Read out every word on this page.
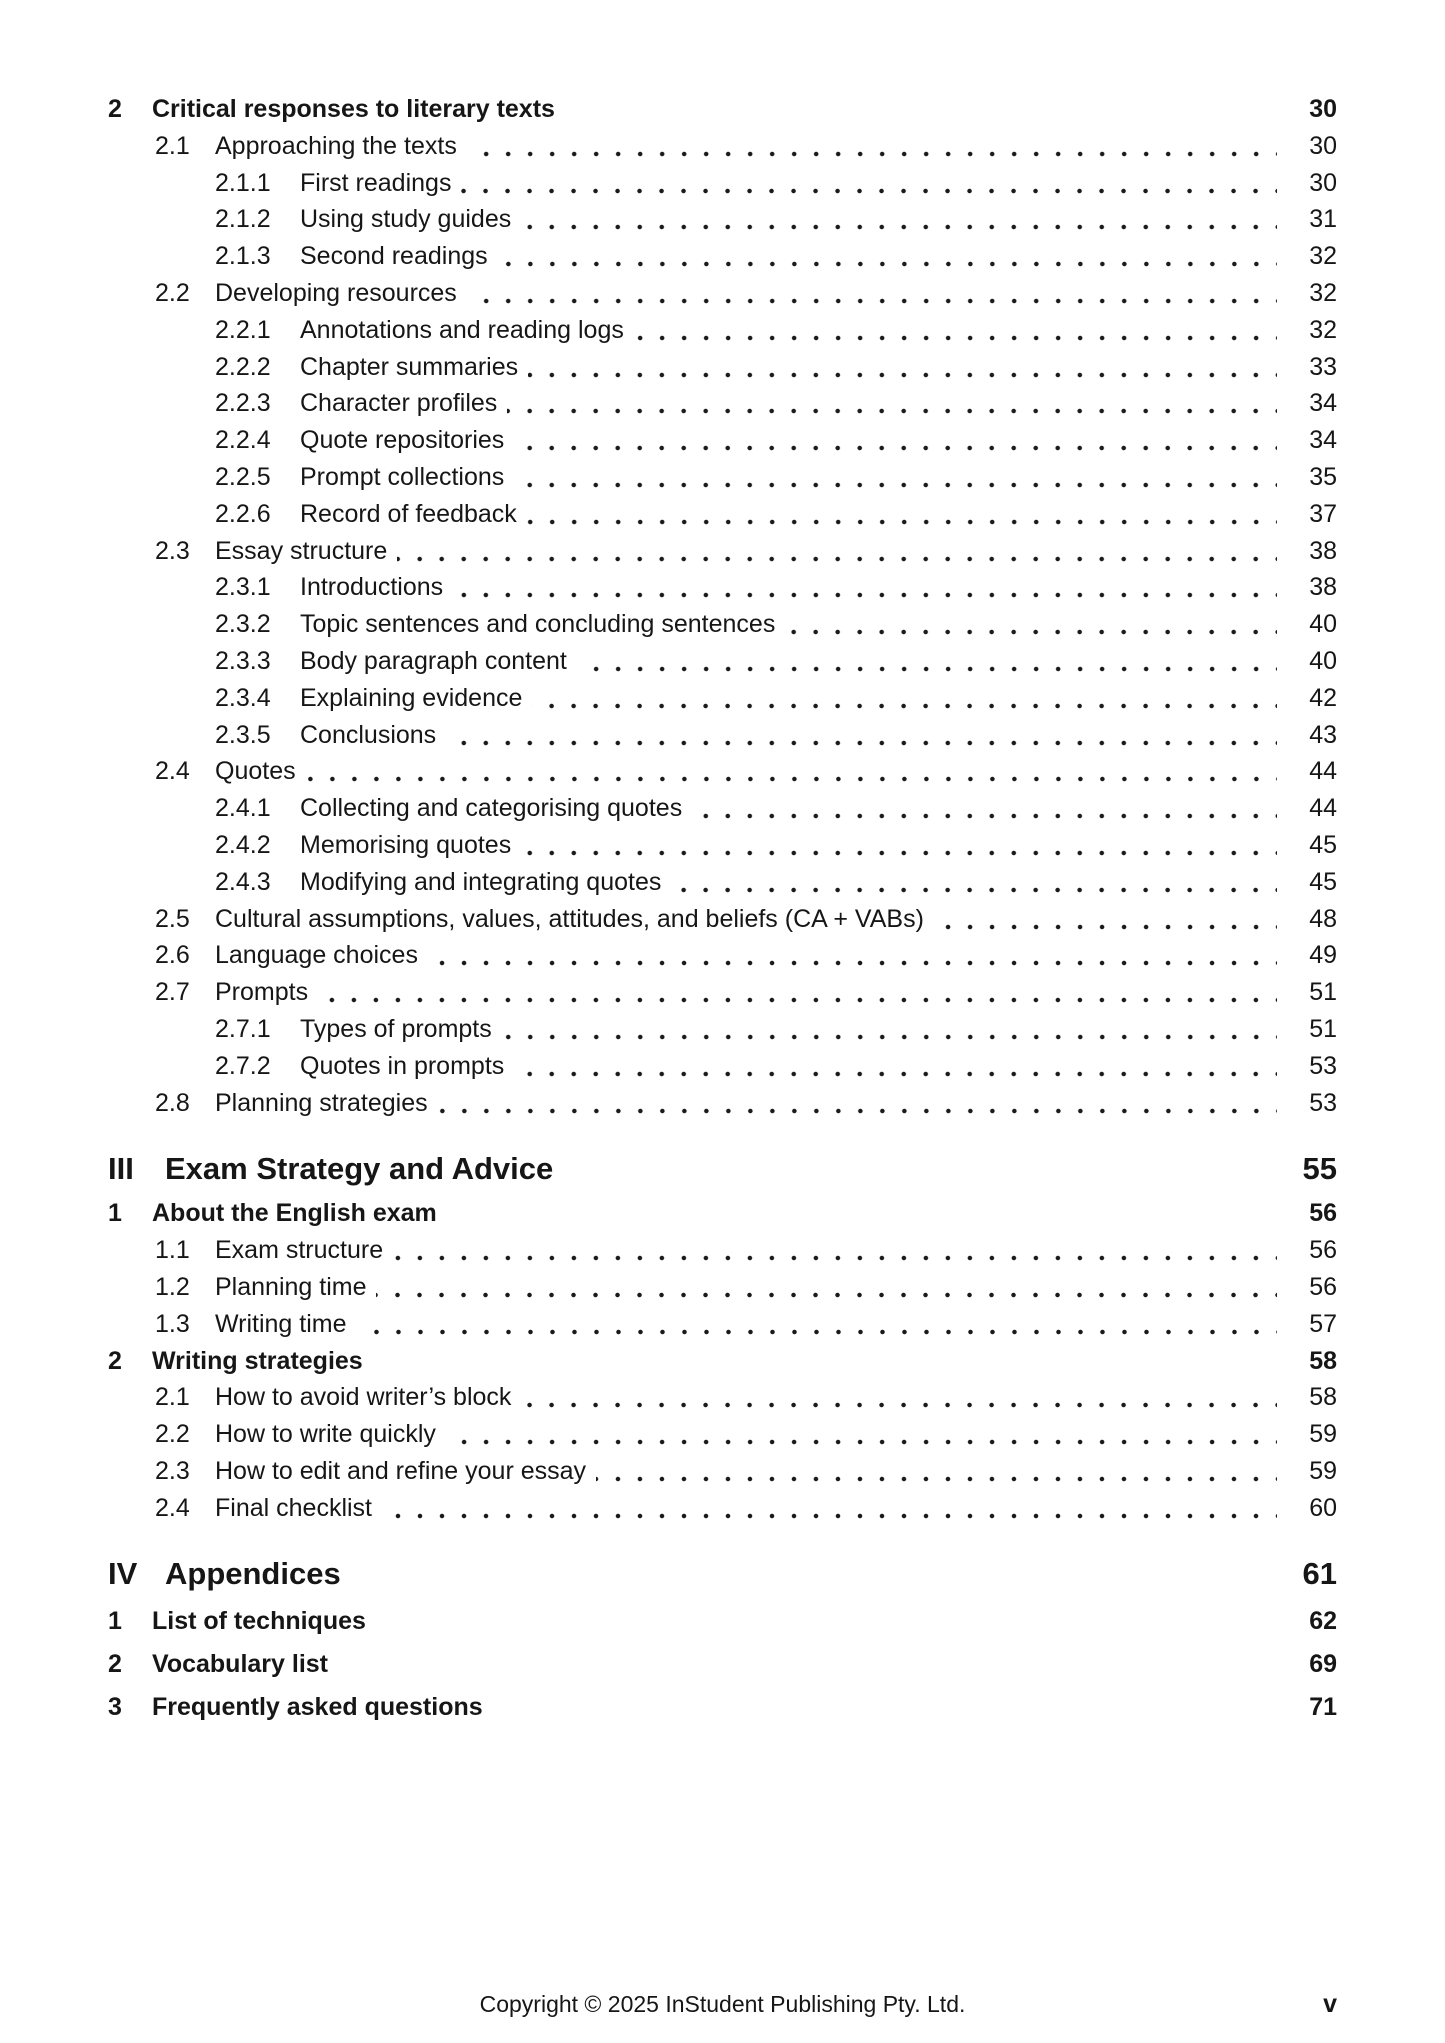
2	Critical responses to literary texts	30
2.1	Approaching the texts	30
2.1.1	First readings	30
2.1.2	Using study guides	31
2.1.3	Second readings	32
2.2	Developing resources	32
2.2.1	Annotations and reading logs	32
2.2.2	Chapter summaries	33
2.2.3	Character profiles	34
2.2.4	Quote repositories	34
2.2.5	Prompt collections	35
2.2.6	Record of feedback	37
2.3	Essay structure	38
2.3.1	Introductions	38
2.3.2	Topic sentences and concluding sentences	40
2.3.3	Body paragraph content	40
2.3.4	Explaining evidence	42
2.3.5	Conclusions	43
2.4	Quotes	44
2.4.1	Collecting and categorising quotes	44
2.4.2	Memorising quotes	45
2.4.3	Modifying and integrating quotes	45
2.5	Cultural assumptions, values, attitudes, and beliefs (CA + VABs)	48
2.6	Language choices	49
2.7	Prompts	51
2.7.1	Types of prompts	51
2.7.2	Quotes in prompts	53
2.8	Planning strategies	53
III	Exam Strategy and Advice	55
1	About the English exam	56
1.1	Exam structure	56
1.2	Planning time	56
1.3	Writing time	57
2	Writing strategies	58
2.1	How to avoid writer’s block	58
2.2	How to write quickly	59
2.3	How to edit and refine your essay	59
2.4	Final checklist	60
IV Appendices	61
1	List of techniques	62
2	Vocabulary list	69
3	Frequently asked questions	71
Copyright © 2025 InStudent Publishing Pty. Ltd.	v
